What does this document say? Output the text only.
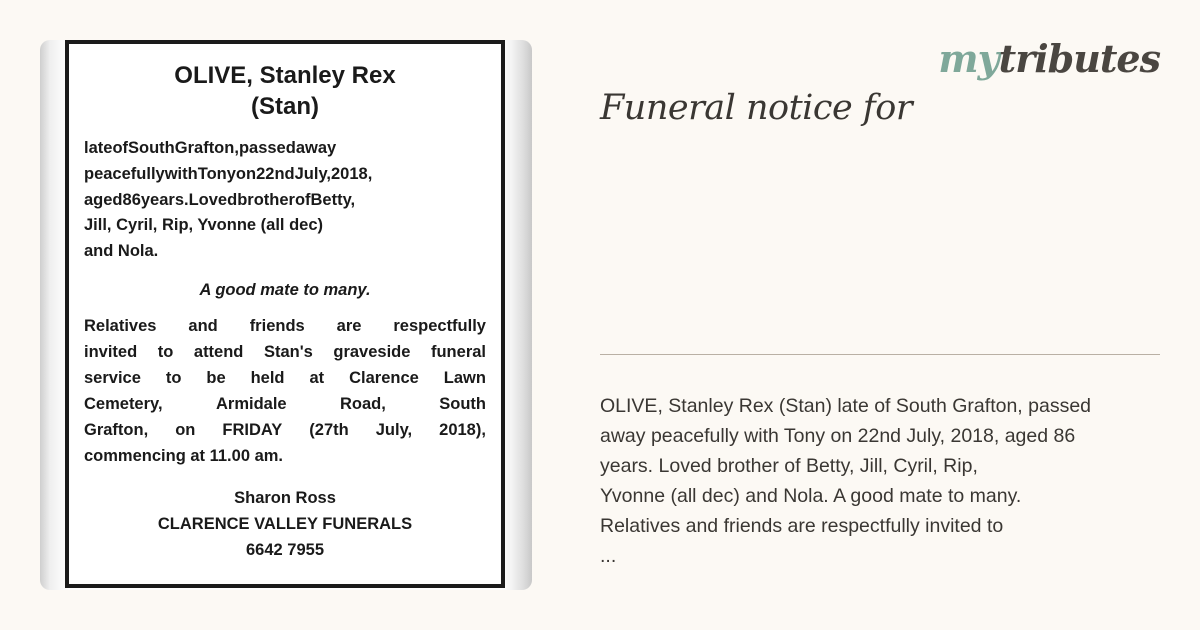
OLIVE, Stanley Rex
(Stan)
lateofSouthGrafton,passedaway
peacefullywithTonyon22ndJuly,2018,
aged86years.LovedbrotherofBetty,
Jill, Cyril, Rip, Yvonne (all dec)
and Nola.
A good mate to many.
Relatives and friends are respectfully
invited to attend Stan's graveside funeral
service to be held at Clarence Lawn
Cemetery,	Armidale	Road,	South
Grafton, on FRIDAY (27th July, 2018),
commencing at 11.00 am.
Sharon Ross
CLARENCE VALLEY FUNERALS
6642 7955
mytributes
Funeral notice for
OLIVE, Stanley Rex (Stan) late of South Grafton, passed
away peacefully with Tony on 22nd July, 2018, aged 86
years. Loved brother of Betty, Jill, Cyril, Rip,
Yvonne (all dec) and Nola. A good mate to many.
Relatives and friends are respectfully invited to
...
